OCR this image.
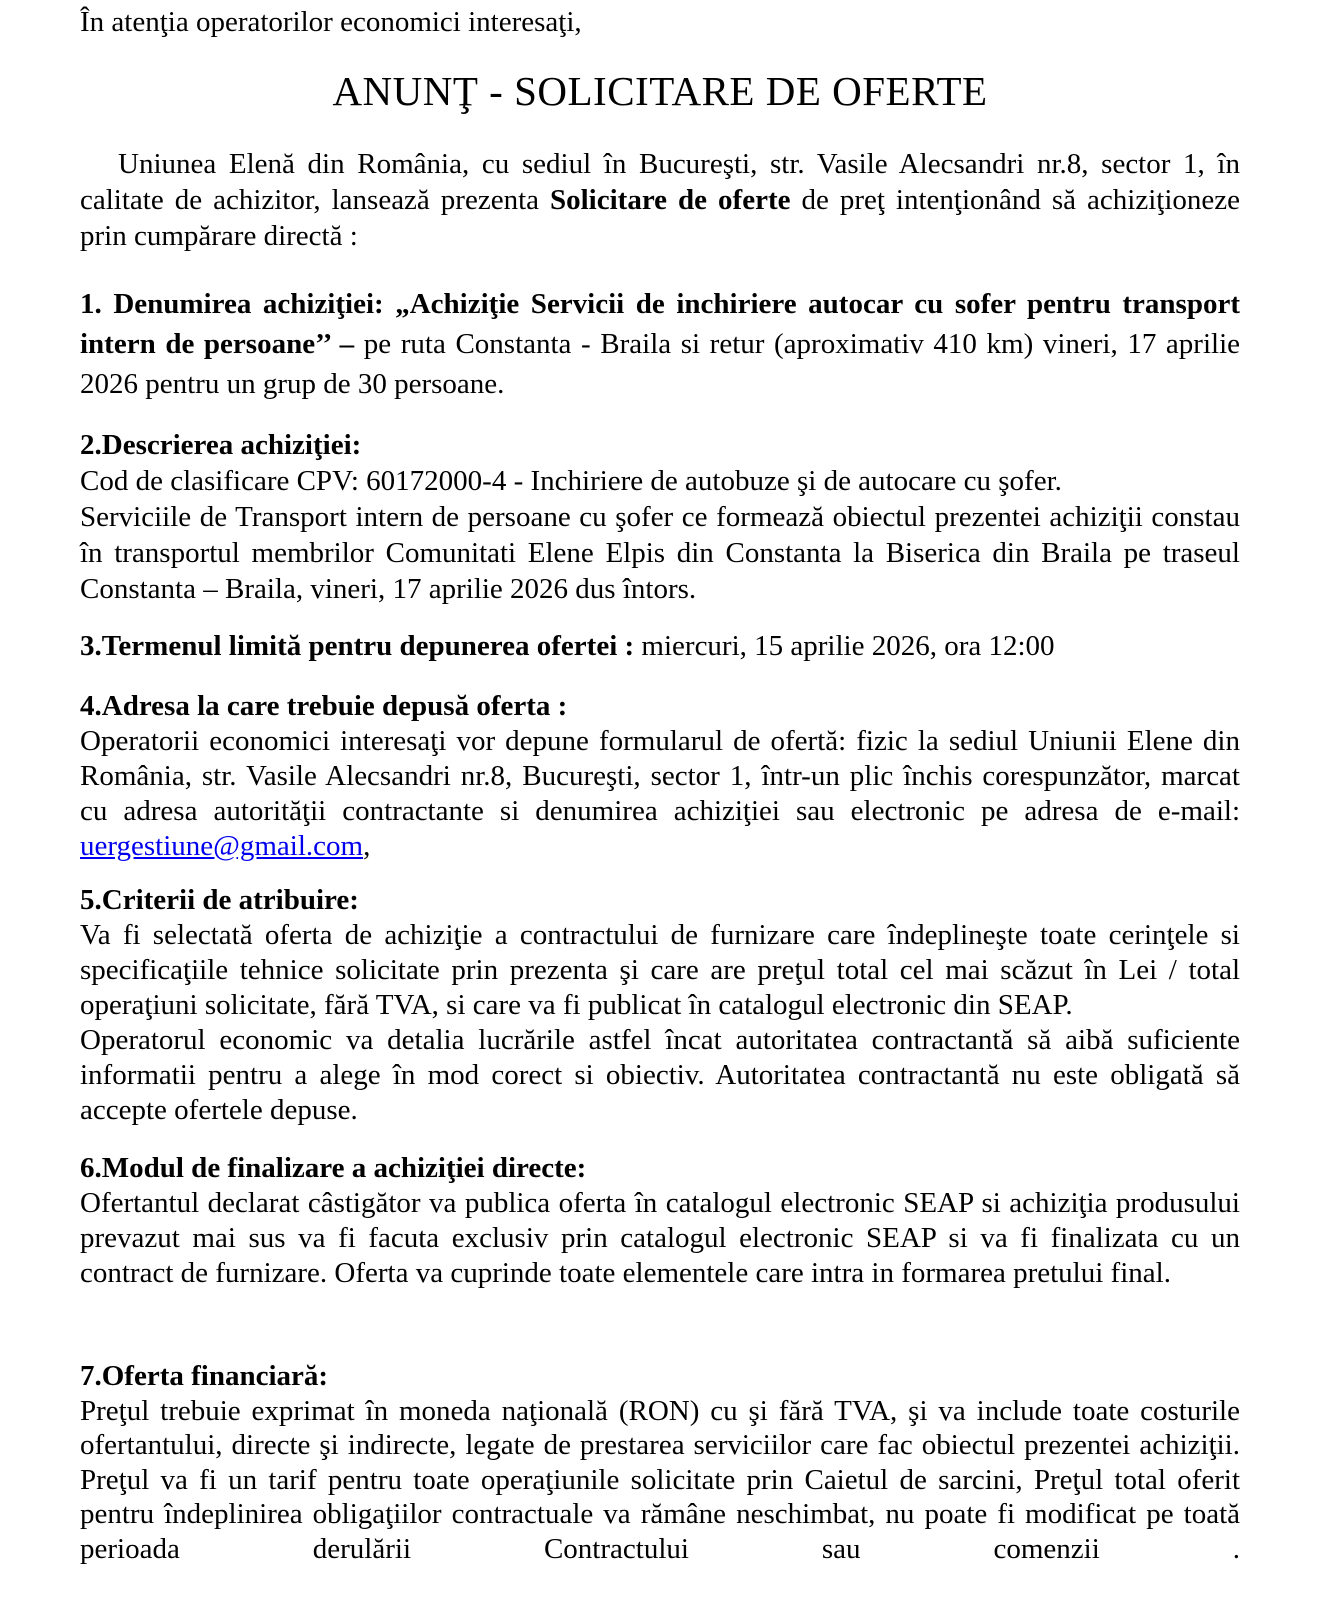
În atenţia operatorilor economici interesaţi,

ANUNŢ - SOLICITARE DE OFERTE

Uniunea Elenă din România, cu sediul în Bucureşti, str. Vasile Alecsandri nr.8, sector 1, în calitate de achizitor, lansează prezenta Solicitare de oferte de preţ intenţionând să achiziţioneze prin cumpărare directă :

1. Denumirea achiziţiei: „Achiziţie Servicii de inchiriere autocar cu sofer pentru transport intern de persoane’’ – pe ruta Constanta - Braila si retur (aproximativ 410 km) vineri, 17 aprilie 2026 pentru un grup de 30 persoane.

2.Descrierea achiziţiei:
Cod de clasificare CPV: 60172000-4 - Inchiriere de autobuze şi de autocare cu şofer.
Serviciile de Transport intern de persoane cu şofer ce formează obiectul prezentei achiziţii constau în transportul membrilor Comunitati Elene Elpis din Constanta la Biserica din Braila pe traseul Constanta – Braila, vineri, 17 aprilie 2026 dus întors.

3.Termenul limită pentru depunerea ofertei : miercuri, 15 aprilie 2026, ora 12:00

4.Adresa la care trebuie depusă oferta :
Operatorii economici interesaţi vor depune formularul de ofertă: fizic la sediul Uniunii Elene din România, str. Vasile Alecsandri nr.8, Bucureşti, sector 1, într-un plic închis corespunzător, marcat cu adresa autorităţii contractante si denumirea achiziţiei sau electronic pe adresa de e-mail: uergestiune@gmail.com,
5.Criterii de atribuire:
Va fi selectată oferta de achiziţie a contractului de furnizare care îndeplineşte toate cerinţele si specificaţiile tehnice solicitate prin prezenta şi care are preţul total cel mai scăzut în Lei / total operaţiuni solicitate, fără TVA, si care va fi publicat în catalogul electronic din SEAP.
Operatorul economic va detalia lucrările astfel încat autoritatea contractantă să aibă suficiente informatii pentru a alege în mod corect si obiectiv. Autoritatea contractantă nu este obligată să accepte ofertele depuse.
6.Modul de finalizare a achiziţiei directe:
Ofertantul declarat câstigător va publica oferta în catalogul electronic SEAP si achiziţia produsului prevazut mai sus va fi facuta exclusiv prin catalogul electronic SEAP si va fi finalizata cu un contract de furnizare. Oferta va cuprinde toate elementele care intra in formarea pretului final.
7.Oferta financiară:
Preţul trebuie exprimat în moneda naţională (RON) cu şi fără TVA, şi va include toate costurile ofertantului, directe şi indirecte, legate de prestarea serviciilor care fac obiectul prezentei achiziţii. Preţul va fi un tarif pentru toate operaţiunile solicitate prin Caietul de sarcini, Preţul total oferit pentru îndeplinirea obligaţiilor contractuale va rămâne neschimbat, nu poate fi modificat pe toată perioada derulării Contractului sau comenzii .
